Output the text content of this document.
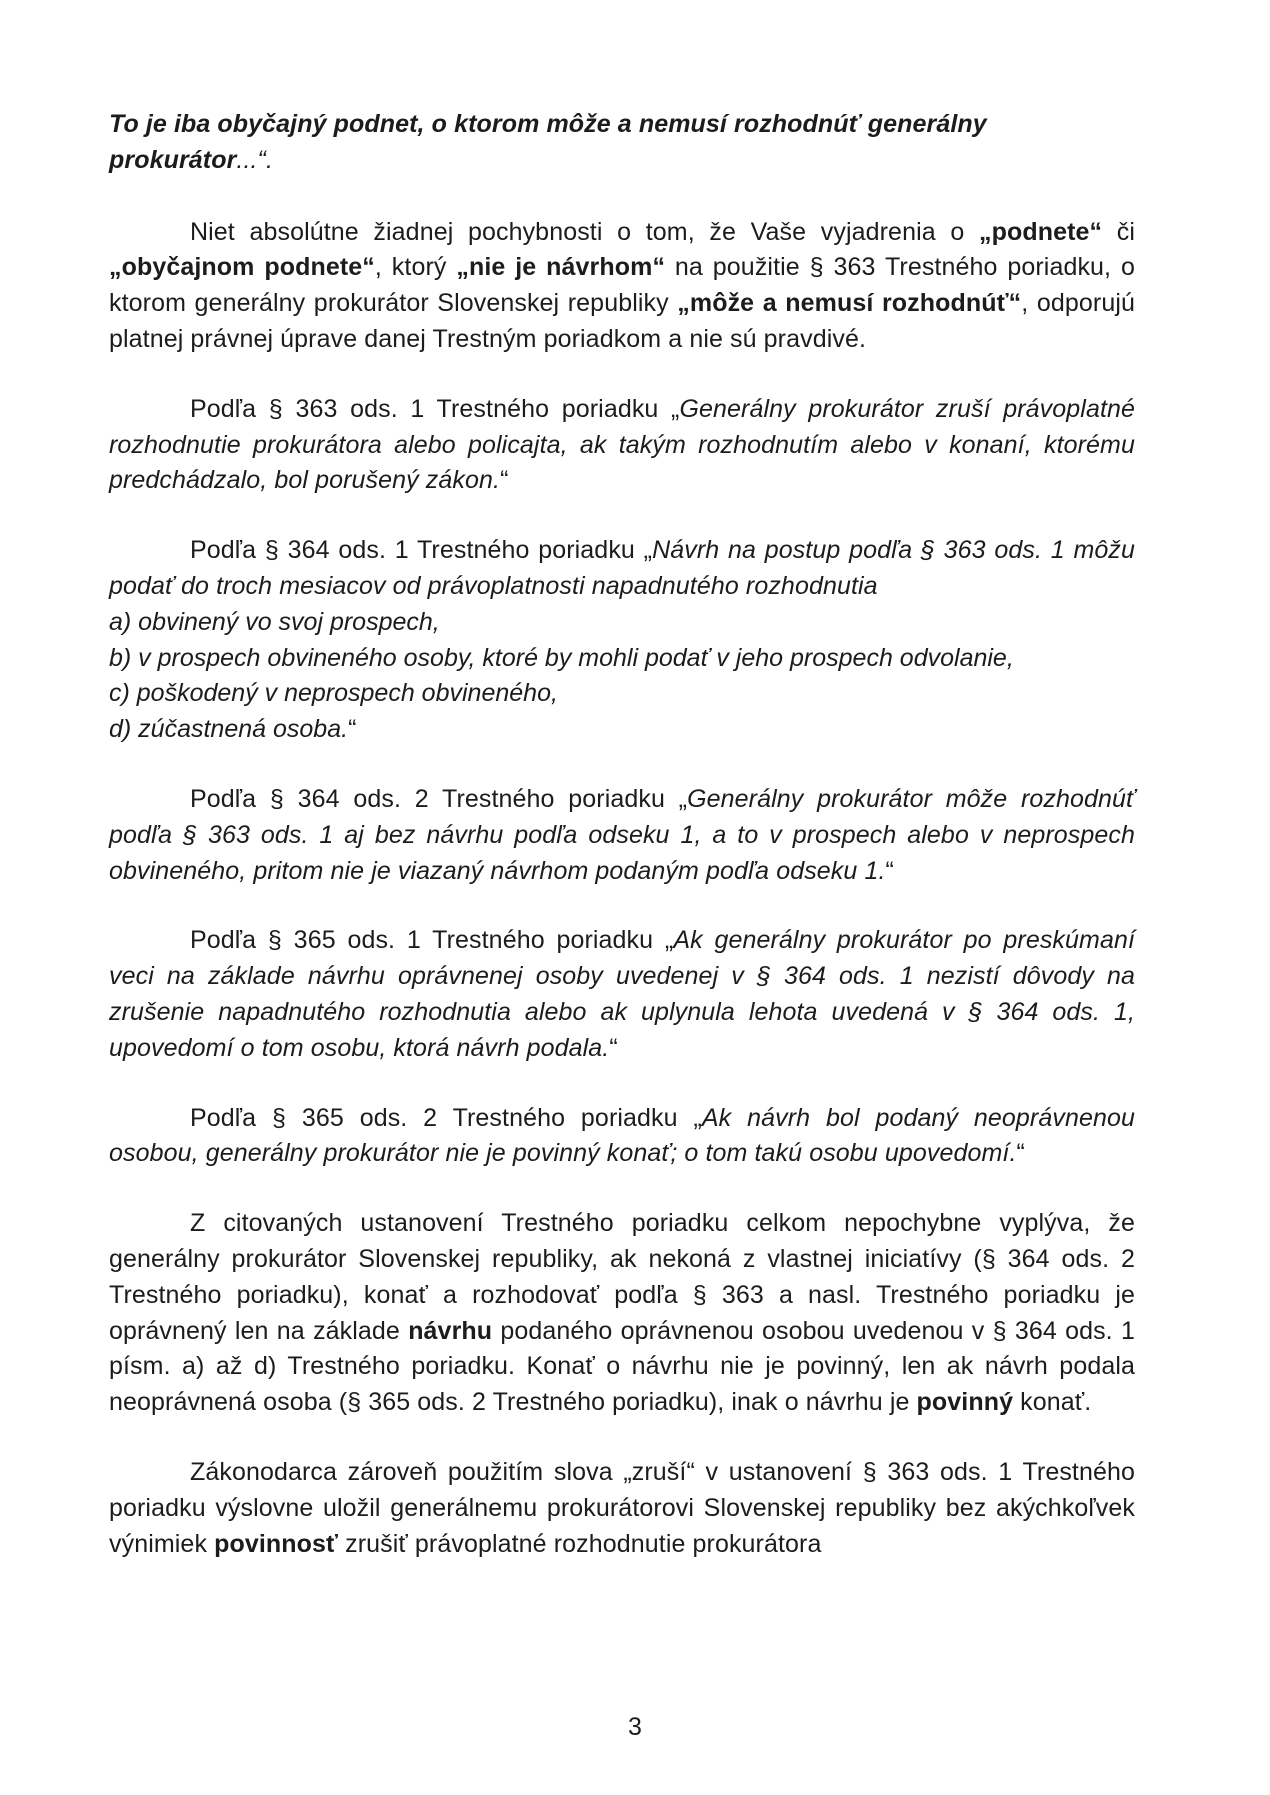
To je iba obyčajný podnet, o ktorom môže a nemusí rozhodnúť generálny prokurátor...“.

Niet absolútne žiadnej pochybnosti o tom, že Vaše vyjadrenia o „podnete“ či „obyčajnom podnete“, ktorý „nie je návrhom“ na použitie § 363 Trestného poriadku, o ktorom generálny prokurátor Slovenskej republiky „môže a nemusí rozhodnúť“, odporujú platnej právnej úprave danej Trestným poriadkom a nie sú pravdivé.

Podľa § 363 ods. 1 Trestného poriadku „Generálny prokurátor zruší právoplatné rozhodnutie prokurátora alebo policajta, ak takým rozhodnutím alebo v konaní, ktorému predchádzalo, bol porušený zákon.“

Podľa § 364 ods. 1 Trestného poriadku „Návrh na postup podľa § 363 ods. 1 môžu podať do troch mesiacov od právoplatnosti napadnutého rozhodnutia

a) obvinený vo svoj prospech,

b) v prospech obvineného osoby, ktoré by mohli podať v jeho prospech odvolanie,

c) poškodený v neprospech obvineného,

d) zúčastnená osoba.“

Podľa § 364 ods. 2 Trestného poriadku „Generálny prokurátor môže rozhodnúť podľa § 363 ods. 1 aj bez návrhu podľa odseku 1, a to v prospech alebo v neprospech obvineného, pritom nie je viazaný návrhom podaným podľa odseku 1.“

Podľa § 365 ods. 1 Trestného poriadku „Ak generálny prokurátor po preskúmaní veci na základe návrhu oprávnenej osoby uvedenej v § 364 ods. 1 nezistí dôvody na zrušenie napadnutého rozhodnutia alebo ak uplynula lehota uvedená v § 364 ods. 1, upovedomí o tom osobu, ktorá návrh podala.“

Podľa § 365 ods. 2 Trestného poriadku „Ak návrh bol podaný neoprávnenou osobou, generálny prokurátor nie je povinný konať; o tom takú osobu upovedomí.“

Z citovaných ustanovení Trestného poriadku celkom nepochybne vyplýva, že generálny prokurátor Slovenskej republiky, ak nekoná z vlastnej iniciatívy (§ 364 ods. 2 Trestného poriadku), konať a rozhodovať podľa § 363 a nasl. Trestného poriadku je oprávnený len na základe návrhu podaného oprávnenou osobou uvedenou v § 364 ods. 1 písm. a) až d) Trestného poriadku. Konať o návrhu nie je povinný, len ak návrh podala neoprávnená osoba (§ 365 ods. 2 Trestného poriadku), inak o návrhu je povinný konať.

Zákonodarca zároveň použitím slova „zruší“ v ustanovení § 363 ods. 1 Trestného poriadku výslovne uložil generálnemu prokurátorovi Slovenskej republiky bez akýchkoľvek výnimiek povinnosť zrušiť právoplatné rozhodnutie prokurátora

3
